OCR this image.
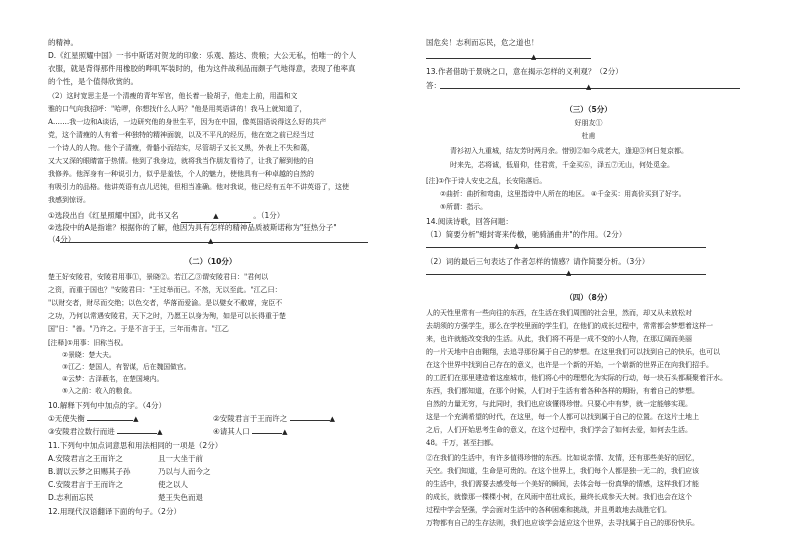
的精神。
D.《红星照耀中国》一书中斯诺对贺龙的印象：乐观、豁达、贵粮；大公无私，怕唯一的个人
衣服，就是背得那件用橡胶的哔叽军装时的，他为这件战利品而颇子气地得意，表现了他率真
的个性，是个值得欣赏的。
（2）这时宽思主是一个清瘦的青年军官，他长着一脸胡子，他走上前，用温和文
雅的口气向我招呼："哈啰，你想找什么人吗？"他是用英语讲的！我马上就知道了，
A.……我一边和A谈话，一边研究他的身世生平，因为在中国，像英国语说得这么好的共产
党，这个清瘦的人有着一种独特的精神面貌，以及不平凡的经历，他在宽之前已经当过
一个诗人的人物。他个子清瘦，骨骼小而结实，尽管胡子又长又黑，外表上不失和蔼，
又大又深的眼睛富于热情。他到了我身边，就将我当作朋友看待了，让我了解到他的自
我修养。他浑身有一种说引力，似乎是羞怯，个人的魅力，使他具有一种卓越的自然的
有吸引力的品格。他讲英语有点儿迟钝，但相当准确。他对我说，他已经有五年不讲英语了，这使
我感到惊讶。
①选段出自《红星照耀中国》，此书又名	▲	。（1分）
②选段中的A是指谁？根据你的了解，他因为具有怎样的精神品质被斯诺称为"狂热分子"
（4分）	▲
（二）（10分）
楚王好安陵君，安陵君用事①，景晓②。若江乙③谓安陵君曰："君何以
之资，而重于国也？"安陵君曰："王过举而已。不然，无以至此。"江乙曰：
"以财交者，财尽而交绝；以色交者，华落而爱渝。是以嬖女不敝席，宠臣不
之功，乃何以常遇安陵君，天下之时，乃愿王以身为殉，如是可以长得重于楚
国"日："善。"乃许之。于是不言于王，三年而弗言。"江乙
[注释]①用事：旧称当权。
②景晓：楚大夫。
③江乙：楚国人，有智谋，后在魏国做官。
④云梦：古泽薮名，在楚国境内。
⑤入之前：收入的粮食。
10.解释下列句中加点的字。（4分）
①无使失衡	▲	②安陵君言于王而许之	▲
③安陵君泣数行而进	▲	④请其人口	▲
11.下列句中加点词意思和用法相同的一项是（2分）
A.安陵君言之王而许之	且一大坐于前
B.谓以云梦之田赐其子孙	乃以与人而今之
C.安陵君言于王而许之	使之以人
D.志利而忘民	楚王失色而退
12.用现代汉语翻译下面的句子。（2分）
国危矣！志利而忘民，危之道也！
▲
13.作者借助于景晓之口，意在揭示怎样的义利观？（2分）
答：	▲
（三）（5分）
好朋友①
杜甫
青衫初入九重城，结友芳时两月余。惜别②如今成老大，逢迎③何日复京都。
时来先，芯将诚，低眉仰，佳君赏，千金买⑥，泽五⑦无山，何处觅金。
[注]①作于诗人安史之乱，长安陷落后。
②曲折：曲折和弯曲，这里指诗中人所在的地区。 ④千金买：用高价买到了好字。
⑤所谓：指示。
14.阅读诗歌，回答问题：
（1）简要分析"蜡封寄来传檄，驰骑涵曲井"的作用。（2分）
▲
（2）词的最后三句表达了作者怎样的情感？请作简要分析。（3分）
▲
（四）（8分）
人的天性里常有一些向往的东西，在生活在我们周围的社会里，然而，却又从未放松对
去胡须的方强学生，那么在学校里面的学生们，在他们的成长过程中，常常都会梦想着这样一
来，也许就能改变我的生活。从此，我们将不再是一成不变的小人物，在那辽阔而美丽
的一片天地中自由翱翔，去追寻那份属于自己的梦想。在这里我们可以找到自己的快乐，也可以
在这个世界中找到自己存在的意义，也许是一个新的开始，一个崭新的世界正在向我们招手。
的工匠们在那里建造着这座城市，他们将心中的理想化为实际的行动，每一块石头都凝聚着汗水。
东西，我们都知道，在那个时候，人们对于生活有着各种各样的期盼，有着自己的梦想。
自然的力量无穷，与此同时，我们也应该懂得珍惜。只要心中有梦，就一定能够实现。
这是一个充满希望的时代，在这里，每一个人都可以找到属于自己的位置。在这片土地上
之后，人们开始思考生命的意义，在这个过程中，我们学会了如何去爱，如何去生活。
48。千万，甚至扫都。
②在我们的生活中，有许多值得珍惜的东西。比如说亲情、友情，还有那些美好的回忆，
天空。我们知道，生命是可贵的。在这个世界上，我们每个人都是独一无二的，我们应该
的生活中，我们需要去感受每一个美好的瞬间，去体会每一份真挚的情感，这样我们才能
的成长，就像那一棵棵小树，在风雨中茁壮成长，最终长成参天大树。我们也会在这个
过程中学会坚强，学会面对生活中的各种困难和挑战，并且勇敢地去战胜它们。
万物都有自己的生存法则，我们也应该学会适应这个世界，去寻找属于自己的那份快乐。
